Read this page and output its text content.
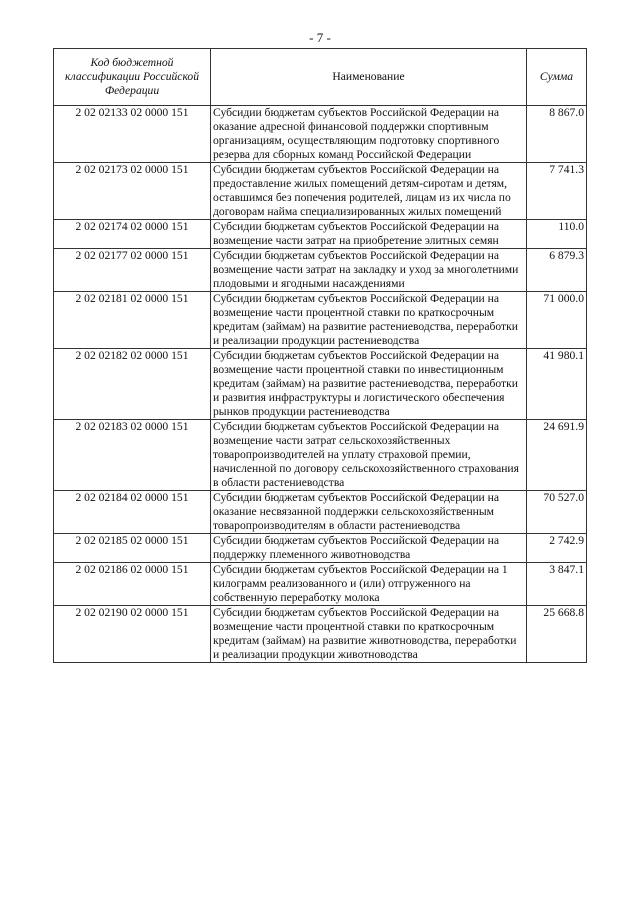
- 7 -
Код бюджетной классификации Российской Федерации	Наименование	Сумма
2 02 02133 02 0000 151	Субсидии бюджетам субъектов Российской Федерации на оказание адресной финансовой поддержки спортивным организациям, осуществляющим подготовку спортивного резерва для сборных команд Российской Федерации	8 867.0
2 02 02173 02 0000 151	Субсидии бюджетам субъектов Российской Федерации на предоставление жилых помещений детям-сиротам и детям, оставшимся без попечения родителей, лицам из их числа по договорам найма специализированных жилых помещений	7 741.3
2 02 02174 02 0000 151	Субсидии бюджетам субъектов Российской Федерации на возмещение части затрат на приобретение элитных семян	110.0
2 02 02177 02 0000 151	Субсидии бюджетам субъектов Российской Федерации на возмещение части затрат на закладку и уход за многолетними плодовыми и ягодными насаждениями	6 879.3
2 02 02181 02 0000 151	Субсидии бюджетам субъектов Российской Федерации на возмещение части процентной ставки по краткосрочным кредитам (займам) на развитие растениеводства, переработки и реализации продукции растениеводства	71 000.0
2 02 02182 02 0000 151	Субсидии бюджетам субъектов Российской Федерации на возмещение части процентной ставки по инвестиционным кредитам (займам) на развитие растениеводства, переработки и развития инфраструктуры и логистического обеспечения рынков продукции растениеводства	41 980.1
2 02 02183 02 0000 151	Субсидии бюджетам субъектов Российской Федерации на возмещение части затрат сельскохозяйственных товаропроизводителей на уплату страховой премии, начисленной по договору сельскохозяйственного страхования в области растениеводства	24 691.9
2 02 02184 02 0000 151	Субсидии бюджетам субъектов Российской Федерации на оказание несвязанной поддержки сельскохозяйственным товаропроизводителям в области растениеводства	70 527.0
2 02 02185 02 0000 151	Субсидии бюджетам субъектов Российской Федерации на поддержку племенного животноводства	2 742.9
2 02 02186 02 0000 151	Субсидии бюджетам субъектов Российской Федерации на 1 килограмм реализованного и (или) отгруженного на собственную переработку молока	3 847.1
2 02 02190 02 0000 151	Субсидии бюджетам субъектов Российской Федерации на возмещение части процентной ставки по краткосрочным кредитам (займам) на развитие животноводства, переработки и реализации продукции животноводства	25 668.8
